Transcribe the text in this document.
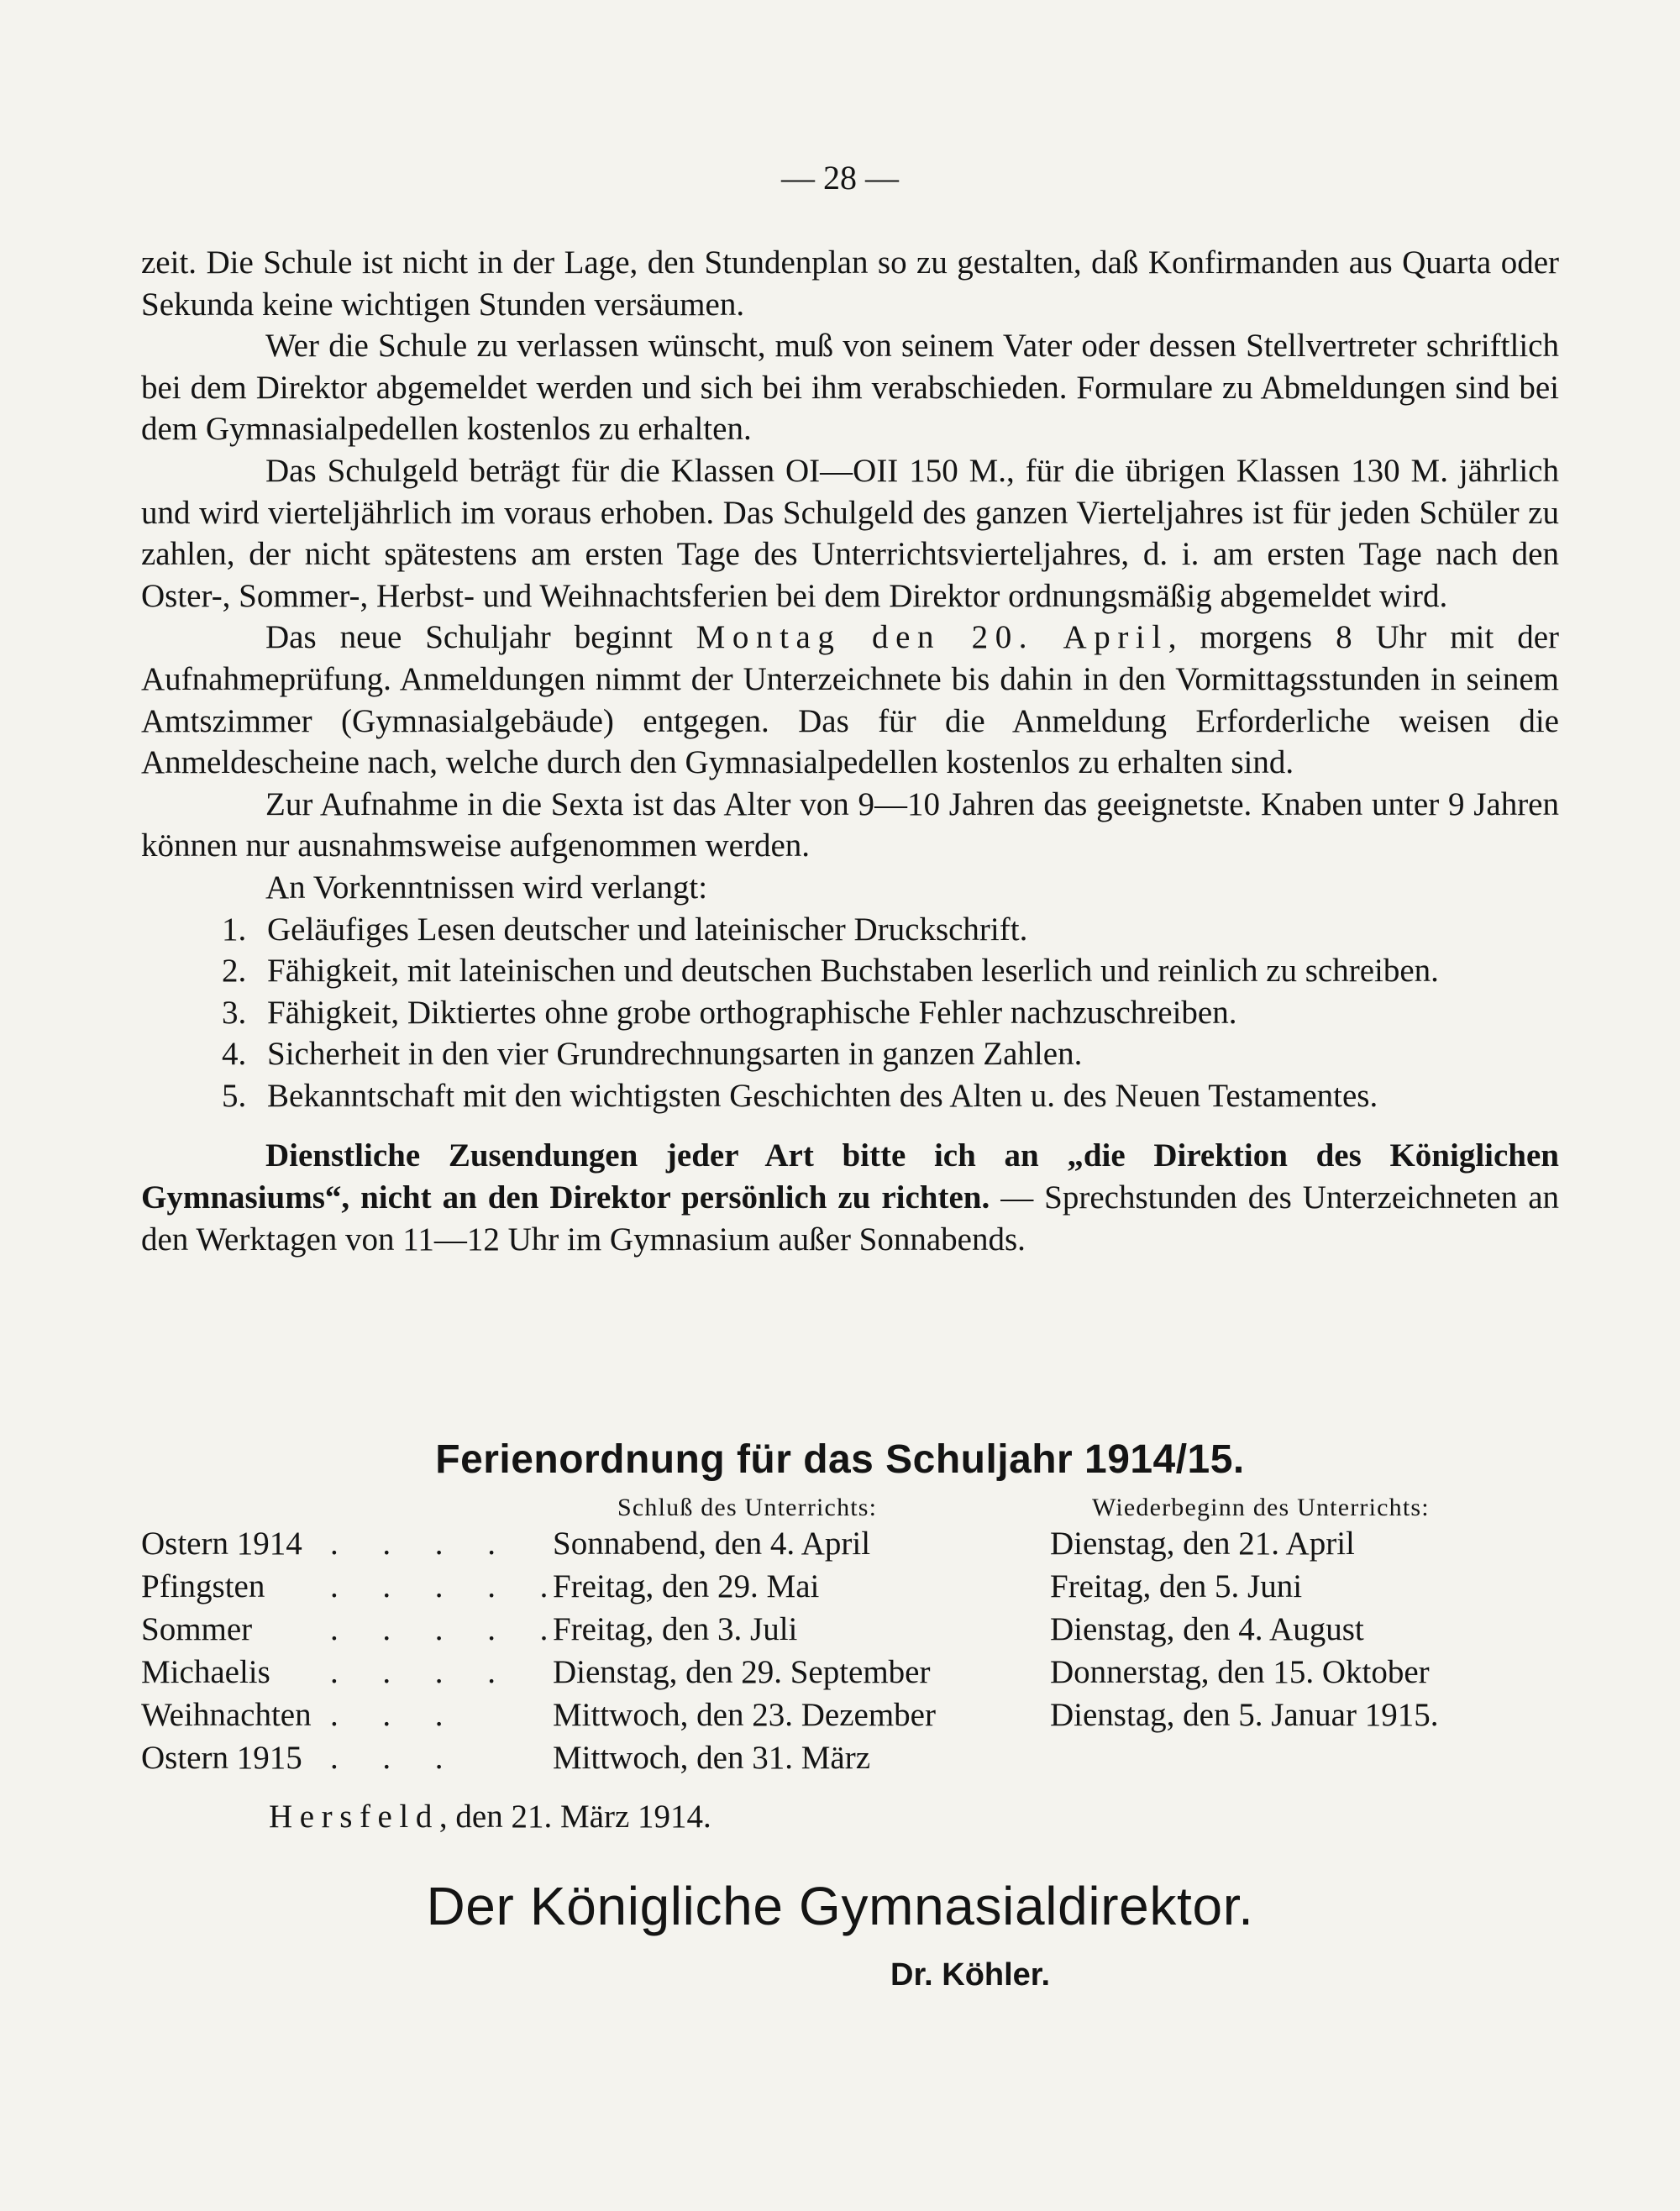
— 28 —

zeit. Die Schule ist nicht in der Lage, den Stundenplan so zu gestalten, daß Konfirmanden aus Quarta oder Sekunda keine wichtigen Stunden versäumen.

Wer die Schule zu verlassen wünscht, muß von seinem Vater oder dessen Stellvertreter schriftlich bei dem Direktor abgemeldet werden und sich bei ihm verabschieden. Formulare zu Abmeldungen sind bei dem Gymnasialpedellen kostenlos zu erhalten.

Das Schulgeld beträgt für die Klassen OI—OII 150 M., für die übrigen Klassen 130 M. jährlich und wird vierteljährlich im voraus erhoben. Das Schulgeld des ganzen Vierteljahres ist für jeden Schüler zu zahlen, der nicht spätestens am ersten Tage des Unterrichtsvierteljahres, d. i. am ersten Tage nach den Oster-, Sommer-, Herbst- und Weihnachtsferien bei dem Direktor ordnungsmäßig abgemeldet wird.

Das neue Schuljahr beginnt Montag den 20. April, morgens 8 Uhr mit der Aufnahmeprüfung. Anmeldungen nimmt der Unterzeichnete bis dahin in den Vormittagsstunden in seinem Amtszimmer (Gymnasialgebäude) entgegen. Das für die Anmeldung Erforderliche weisen die Anmeldescheine nach, welche durch den Gymnasialpedellen kostenlos zu erhalten sind.

Zur Aufnahme in die Sexta ist das Alter von 9—10 Jahren das geeignetste. Knaben unter 9 Jahren können nur ausnahmsweise aufgenommen werden.

An Vorkenntnissen wird verlangt:

1. Geläufiges Lesen deutscher und lateinischer Druckschrift.
2. Fähigkeit, mit lateinischen und deutschen Buchstaben leserlich und reinlich zu schreiben.
3. Fähigkeit, Diktiertes ohne grobe orthographische Fehler nachzuschreiben.
4. Sicherheit in den vier Grundrechnungsarten in ganzen Zahlen.
5. Bekanntschaft mit den wichtigsten Geschichten des Alten u. des Neuen Testamentes.

Dienstliche Zusendungen jeder Art bitte ich an „die Direktion des Königlichen Gymnasiums“, nicht an den Direktor persönlich zu richten. — Sprechstunden des Unterzeichneten an den Werktagen von 11—12 Uhr im Gymnasium außer Sonnabends.

Ferienordnung für das Schuljahr 1914/15.
Schluß des Unterrichts:	Wiederbeginn des Unterrichts:
Ostern 1914 . . . .	Sonnabend, den 4. April	Dienstag, den 21. April
Pfingsten . . . . .	Freitag, den 29. Mai	Freitag, den 5. Juni
Sommer . . . . .	Freitag, den 3. Juli	Dienstag, den 4. August
Michaelis . . . .	Dienstag, den 29. September	Donnerstag, den 15. Oktober
Weihnachten . . .	Mittwoch, den 23. Dezember	Dienstag, den 5. Januar 1915.
Ostern 1915 . . .	Mittwoch, den 31. März	
Hersfeld, den 21. März 1914.
Der Königliche Gymnasialdirektor.
Dr. Köhler.
